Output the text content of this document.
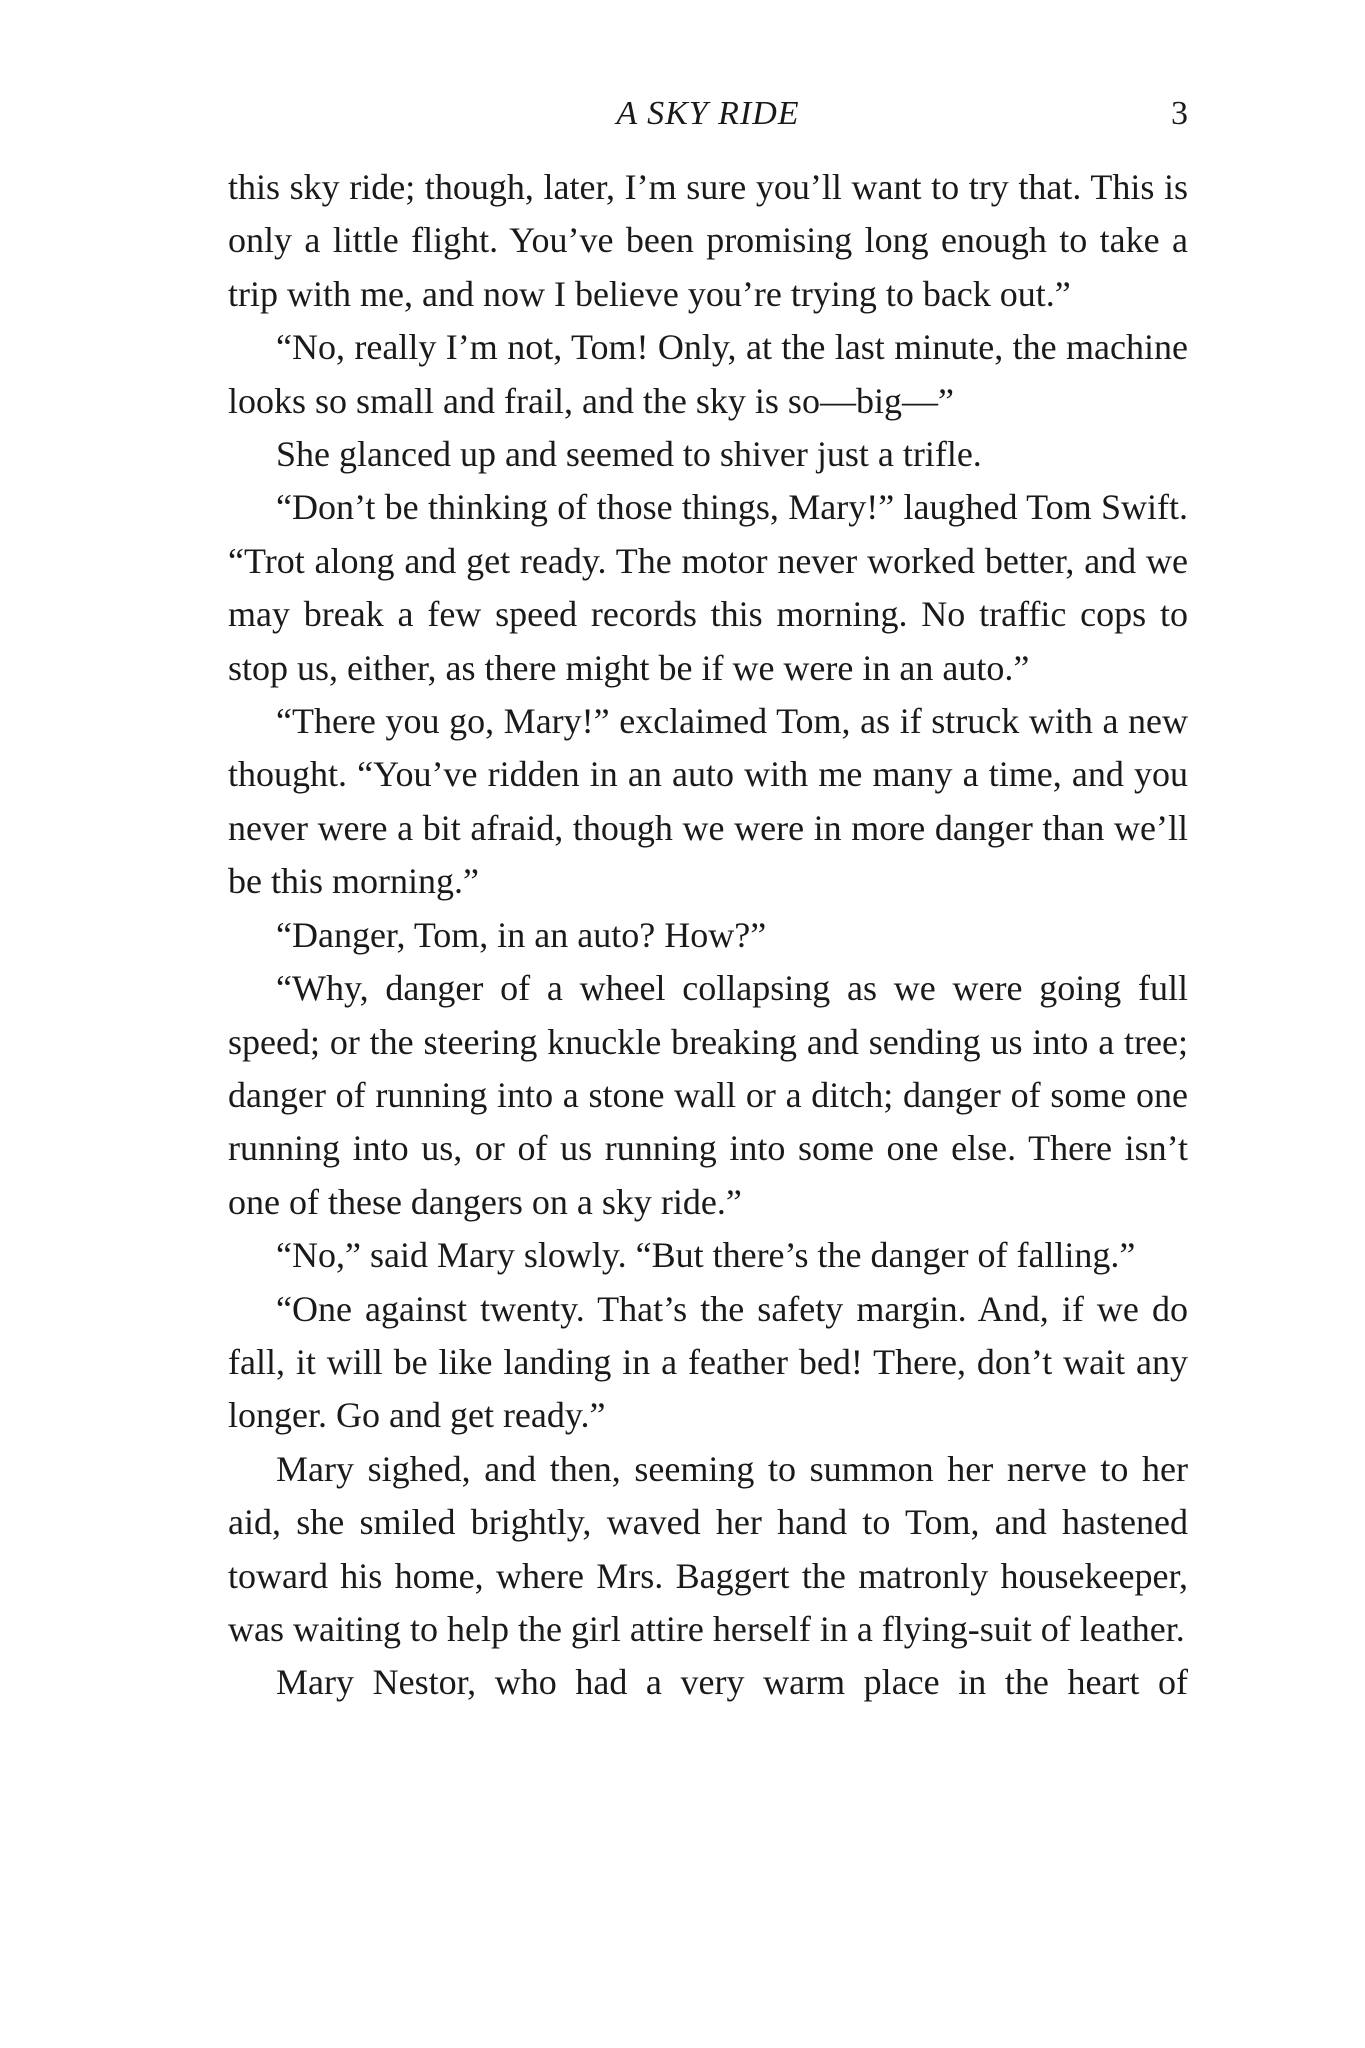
A SKY RIDE	3

this sky ride; though, later, I’m sure you’ll want to try that. This is only a little flight. You’ve been promising long enough to take a trip with me, and now I believe you’re trying to back out.”

“No, really I’m not, Tom! Only, at the last minute, the machine looks so small and frail, and the sky is so—big—”

She glanced up and seemed to shiver just a trifle.

“Don’t be thinking of those things, Mary!” laughed Tom Swift. “Trot along and get ready. The motor never worked better, and we may break a few speed records this morning. No traffic cops to stop us, either, as there might be if we were in an auto.”

“There you go, Mary!” exclaimed Tom, as if struck with a new thought. “You’ve ridden in an auto with me many a time, and you never were a bit afraid, though we were in more danger than we’ll be this morning.”

“Danger, Tom, in an auto? How?”

“Why, danger of a wheel collapsing as we were going full speed; or the steering knuckle breaking and sending us into a tree; danger of running into a stone wall or a ditch; danger of some one running into us, or of us running into some one else. There isn’t one of these dangers on a sky ride.”

“No,” said Mary slowly. “But there’s the danger of falling.”

“One against twenty. That’s the safety margin. And, if we do fall, it will be like landing in a feather bed! There, don’t wait any longer. Go and get ready.”

Mary sighed, and then, seeming to summon her nerve to her aid, she smiled brightly, waved her hand to Tom, and hastened toward his home, where Mrs. Baggert the matronly housekeeper, was waiting to help the girl attire herself in a flying-suit of leather.

Mary Nestor, who had a very warm place in the heart of
